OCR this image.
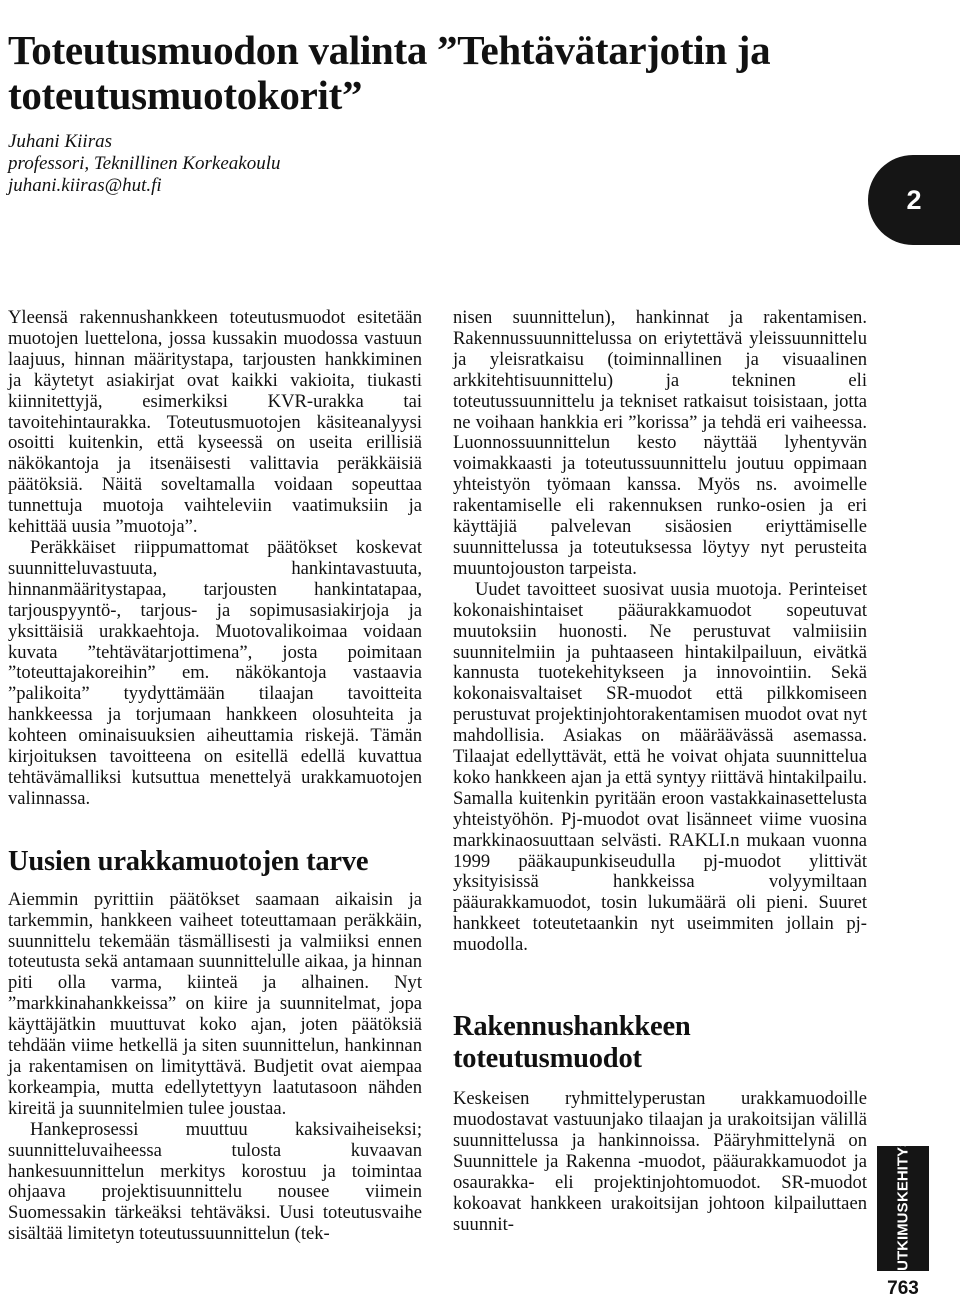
Toteutusmuodon valinta ”Tehtävätarjotin ja toteutusmuotokorit”
Juhani Kiiras
professori, Teknillinen Korkeakoulu
juhani.kiiras@hut.fi	2

Yleensä rakennushankkeen toteutusmuodot esitetään muotojen luettelona, jossa kussakin muodossa vastuun laajuus, hinnan määritystapa, tarjousten hankkiminen ja käytetyt asiakirjat ovat kaikki vakioita, tiukasti kiinnitettyjä, esimerkiksi KVR-urakka tai tavoitehintaurakka. Toteutusmuotojen käsiteanalyysi osoitti kuitenkin, että kyseessä on useita erillisiä näkökantoja ja itsenäisesti valittavia peräkkäisiä päätöksiä. Näitä soveltamalla voidaan sopeuttaa tunnettuja muotoja vaihteleviin vaatimuksiin ja kehittää uusia ”muotoja”.

Peräkkäiset riippumattomat päätökset koskevat suunnitteluvastuuta, hankintavastuuta, hinnanmääritystapaa, tarjousten hankintatapaa, tarjouspyyntö-, tarjous- ja sopimusasiakirjoja ja yksittäisiä urakkaehtoja. Muotovalikoimaa voidaan kuvata ”tehtävätarjottimena”, josta poimitaan ”toteuttajakoreihin” em. näkökantoja vastaavia ”palikoita” tyydyttämään tilaajan tavoitteita hankkeessa ja torjumaan hankkeen olosuhteita ja kohteen ominaisuuksien aiheuttamia riskejä. Tämän kirjoituksen tavoitteena on esitellä edellä kuvattua tehtävämalliksi kutsuttua menettelyä urakkamuotojen valinnassa.

Uusien urakkamuotojen tarve

Aiemmin pyrittiin päätökset saamaan aikaisin ja tarkemmin, hankkeen vaiheet toteuttamaan peräkkäin, suunnittelu tekemään täsmällisesti ja valmiiksi ennen toteutusta sekä antamaan suunnittelulle aikaa, ja hinnan piti olla varma, kiinteä ja alhainen. Nyt ”markkinahankkeissa” on kiire ja suunnitelmat, jopa käyttäjätkin muuttuvat koko ajan, joten päätöksiä tehdään viime hetkellä ja siten suunnittelun, hankinnan ja rakentamisen on limityttävä. Budjetit ovat aiempaa korkeampia, mutta edellytettyyn laatutasoon nähden kireitä ja suunnitelmien tulee joustaa.

Hankeprosessi muuttuu kaksivaiheiseksi; suunnitteluvaiheessa tulosta kuvaavan hankesuunnittelun merkitys korostuu ja toimintaa ohjaava projektisuunnittelu nousee viimein Suomessakin tärkeäksi tehtäväksi. Uusi toteutusvaihe sisältää limitetyn toteutussuunnittelun (tek-

nisen suunnittelun), hankinnat ja rakentamisen. Rakennussuunnittelussa on eriytettävä yleissuunnittelu ja yleisratkaisu (toiminnallinen ja visuaalinen arkkitehtisuunnittelu) ja tekninen eli toteutussuunnittelu ja tekniset ratkaisut toisistaan, jotta ne voihaan hankkia eri ”korissa” ja tehdä eri vaiheessa. Luonnossuunnittelun kesto näyttää lyhentyvän voimakkaasti ja toteutussuunnittelu joutuu oppimaan yhteistyön työmaan kanssa. Myös ns. avoimelle rakentamiselle eli rakennuksen runko-osien ja eri käyttäjiä palvelevan sisäosien eriyttämiselle suunnittelussa ja toteutuksessa löytyy nyt perusteita muuntojouston tarpeista.

Uudet tavoitteet suosivat uusia muotoja. Perinteiset kokonaishintaiset pääurakkamuodot sopeutuvat muutoksiin huonosti. Ne perustuvat valmiisiin suunnitelmiin ja puhtaaseen hintakilpailuun, eivätkä kannusta tuotekehitykseen ja innovointiin. Sekä kokonaisvaltaiset SR-muodot että pilkkomiseen perustuvat projektinjohtorakentamisen muodot ovat nyt mahdollisia. Asiakas on määräävässä asemassa. Tilaajat edellyttävät, että he voivat ohjata suunnittelua koko hankkeen ajan ja että syntyy riittävä hintakilpailu. Samalla kuitenkin pyritään eroon vastakkainasettelusta yhteistyöhön. Pj-muodot ovat lisänneet viime vuosina markkinaosuuttaan selvästi. RAKLI.n mukaan vuonna 1999 pääkaupunkiseudulla pj-muodot ylittivät yksityisissä hankkeissa volyymiltaan pääurakkamuodot, tosin lukumäärä oli pieni. Suuret hankkeet toteutetaankin nyt useimmiten jollain pj-muodolla.

Rakennushankkeen
toteutusmuodot

Keskeisen ryhmittelyperustan urakkamuodoille muodostavat vastuunjako tilaajan ja urakoitsijan välillä suunnittelussa ja hankinnoissa. Pääryhmittelynä on Suunnittele ja Rakenna -muodot, pääurakkamuodot ja osaurakka- eli projektinjohtomuodot. SR-muodot kokoavat hankkeen urakoitsijan johtoon kilpailuttaen suunnit-	TUTKIMUS
KEHITYS
763
